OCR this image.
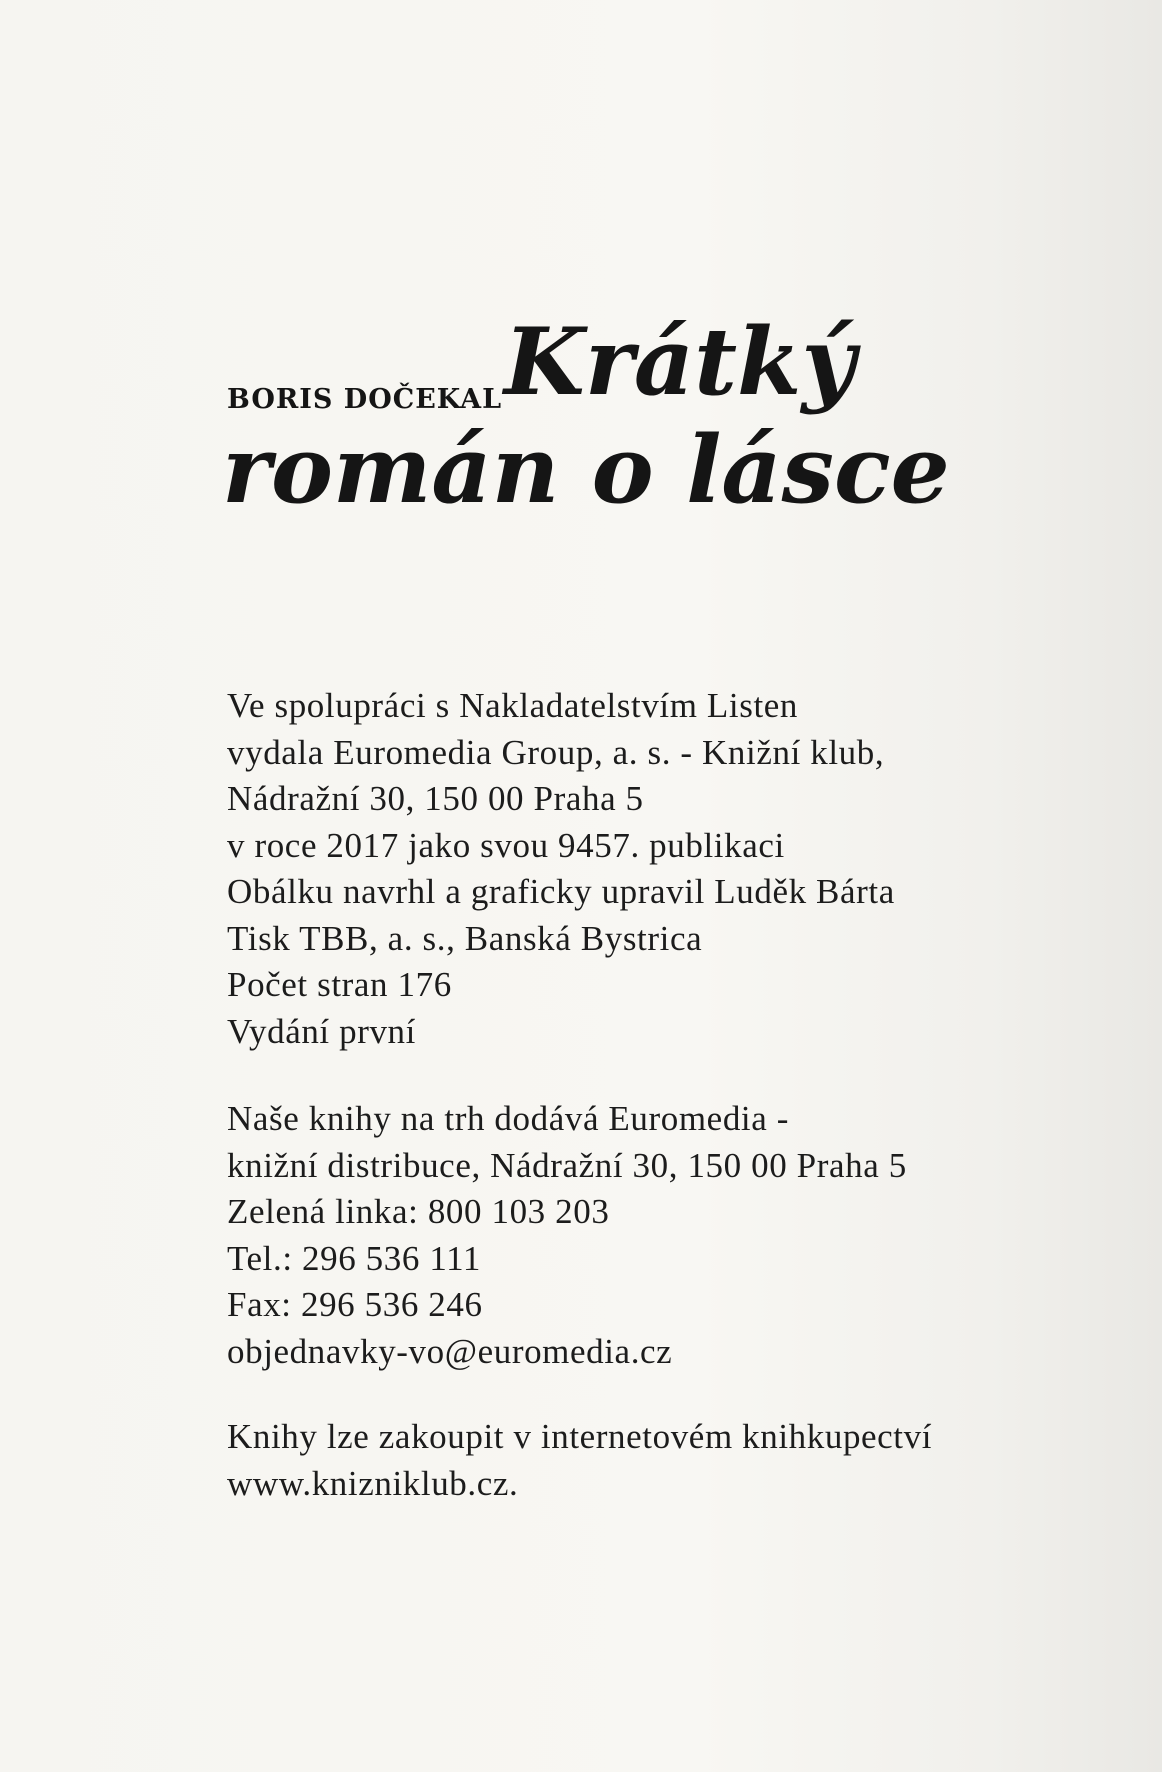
BORIS DOČEKAL Krátký
román o lásce
Ve spolupráci s Nakladatelstvím Listen
vydala Euromedia Group, a. s. - Knižní klub,
Nádražní 30, 150 00 Praha 5
v roce 2017 jako svou 9457. publikaci
Obálku navrhl a graficky upravil Luděk Bárta
Tisk TBB, a. s., Banská Bystrica
Počet stran 176
Vydání první
Naše knihy na trh dodává Euromedia -
knižní distribuce, Nádražní 30, 150 00 Praha 5
Zelená linka: 800 103 203
Tel.: 296 536 111
Fax: 296 536 246
objednavky-vo@euromedia.cz
Knihy lze zakoupit v internetovém knihkupectví
www.knizniklub.cz.
